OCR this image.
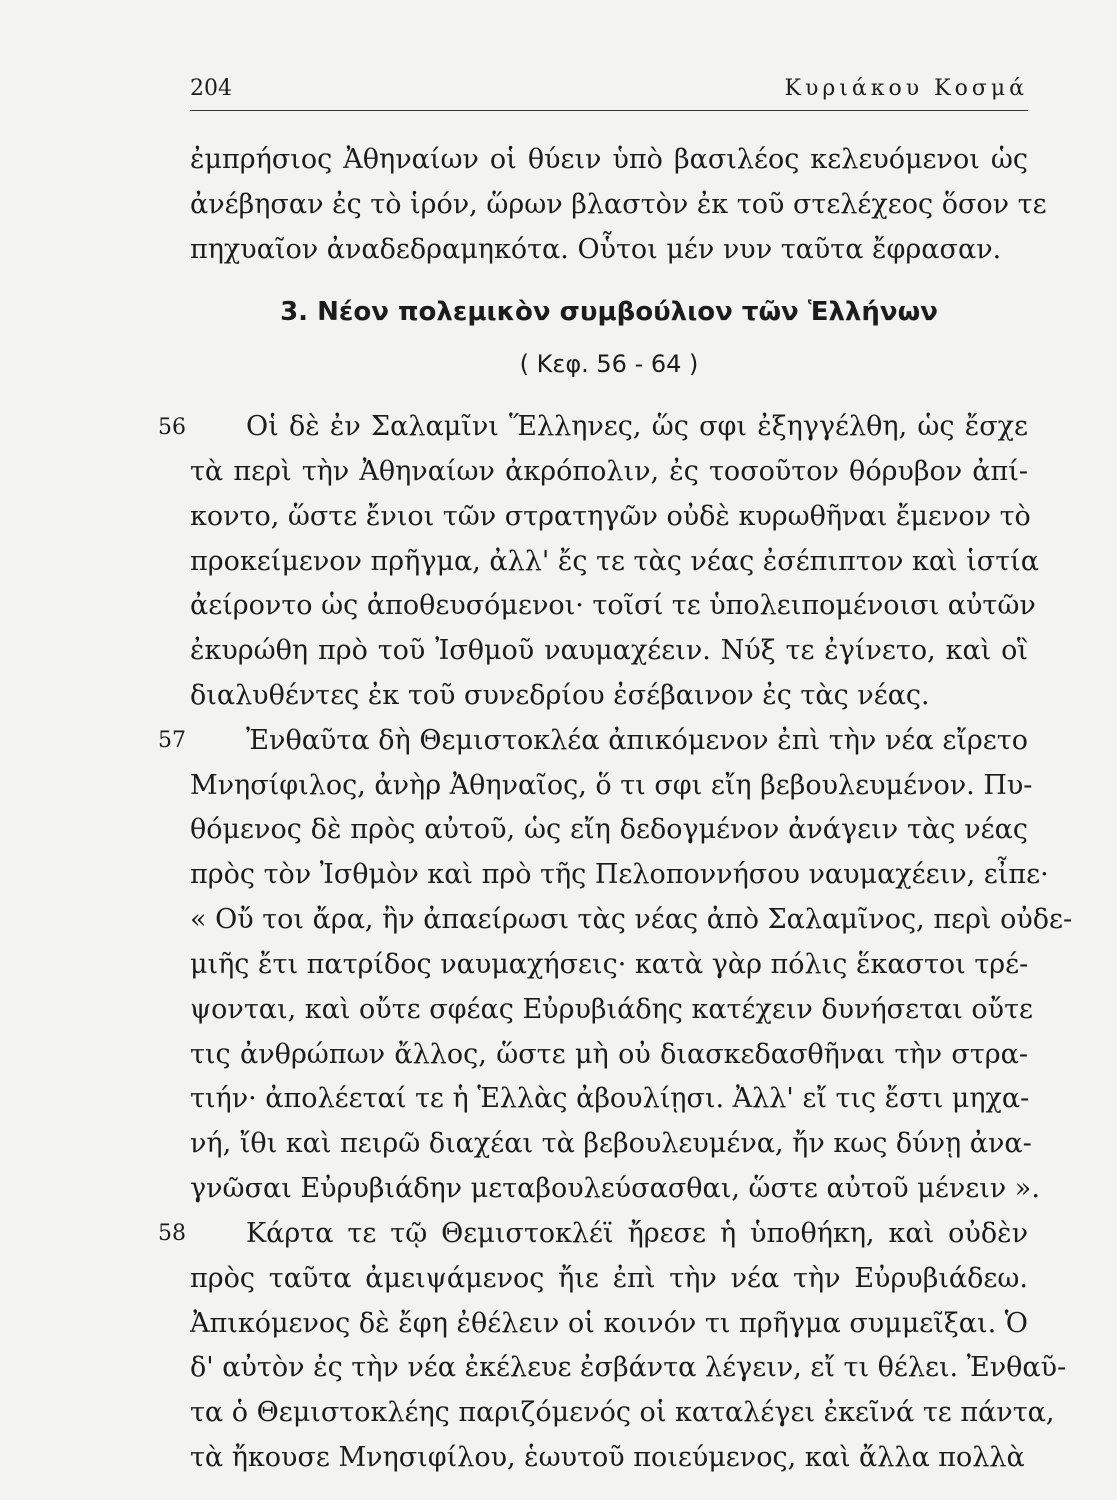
204	Κυριάκου Κοσμά
ἐμπρήσιος Ἀθηναίων οἱ θύειν ὑπὸ βασιλέος κελευόμενοι ὡς
ἀνέβησαν ἐς τὸ ἱρόν, ὥρων βλαστὸν ἐκ τοῦ στελέχεος ὅσον τε
πηχυαῖον ἀναδεδραμηκότα. Οὗτοι μέν νυν ταῦτα ἔφρασαν.
3. Νέον πολεμικὸν συμβούλιον τῶν Ἑλλήνων
( Κεφ. 56 - 64 )
56	Οἱ δὲ ἐν Σαλαμῖνι Ἕλληνες, ὥς σφι ἐξηγγέλθη, ὡς ἔσχε
τὰ περὶ τὴν Ἀθηναίων ἀκρόπολιν, ἐς τοσοῦτον θόρυβον ἀπί-
κοντο, ὥστε ἔνιοι τῶν στρατηγῶν οὐδὲ κυρωθῆναι ἔμενον τὸ
προκείμενον πρῆγμα, ἀλλ' ἔς τε τὰς νέας ἐσέπιπτον καὶ ἱστία
ἀείροντο ὡς ἀποθευσόμενοι· τοῖσί τε ὑπολειπομένοισι αὐτῶν
ἐκυρώθη πρὸ τοῦ Ἰσθμοῦ ναυμαχέειν. Νύξ τε ἐγίνετο, καὶ οἳ
διαλυθέντες ἐκ τοῦ συνεδρίου ἐσέβαινον ἐς τὰς νέας.
57	Ἐνθαῦτα δὴ Θεμιστοκλέα ἀπικόμενον ἐπὶ τὴν νέα εἴρετο
Μνησίφιλος, ἀνὴρ Ἀθηναῖος, ὅ τι σφι εἴη βεβουλευμένον. Πυ-
θόμενος δὲ πρὸς αὐτοῦ, ὡς εἴη δεδογμένον ἀνάγειν τὰς νέας
πρὸς τὸν Ἰσθμὸν καὶ πρὸ τῆς Πελοποννήσου ναυμαχέειν, εἶπε·
« Οὔ τοι ἄρα, ἢν ἀπαείρωσι τὰς νέας ἀπὸ Σαλαμῖνος, περὶ οὐδε-
μιῆς ἔτι πατρίδος ναυμαχήσεις· κατὰ γὰρ πόλις ἕκαστοι τρέ-
ψονται, καὶ οὔτε σφέας Εὐρυβιάδης κατέχειν δυνήσεται οὔτε
τις ἀνθρώπων ἄλλος, ὥστε μὴ οὐ διασκεδασθῆναι τὴν στρα-
τιήν· ἀπολέεταί τε ἡ Ἑλλὰς ἀβουλίῃσι. Ἀλλ' εἴ τις ἔστι μηχα-
νή, ἴθι καὶ πειρῶ διαχέαι τὰ βεβουλευμένα, ἤν κως δύνῃ ἀνα-
γνῶσαι Εὐρυβιάδην μεταβουλεύσασθαι, ὥστε αὐτοῦ μένειν ».
58	Κάρτα τε τῷ Θεμιστοκλέϊ ἤρεσε ἡ ὑποθήκη, καὶ οὐδὲν
πρὸς ταῦτα ἀμειψάμενος ἤιε ἐπὶ τὴν νέα τὴν Εὐρυβιάδεω.
Ἀπικόμενος δὲ ἔφη ἐθέλειν οἱ κοινόν τι πρῆγμα συμμεῖξαι. Ὁ
δ' αὐτὸν ἐς τὴν νέα ἐκέλευε ἐσβάντα λέγειν, εἴ τι θέλει. Ἐνθαῦ-
τα ὁ Θεμιστοκλέης παριζόμενός οἱ καταλέγει ἐκεῖνά τε πάντα,
τὰ ἤκουσε Μνησιφίλου, ἑωυτοῦ ποιεύμενος, καὶ ἄλλα πολλὰ
